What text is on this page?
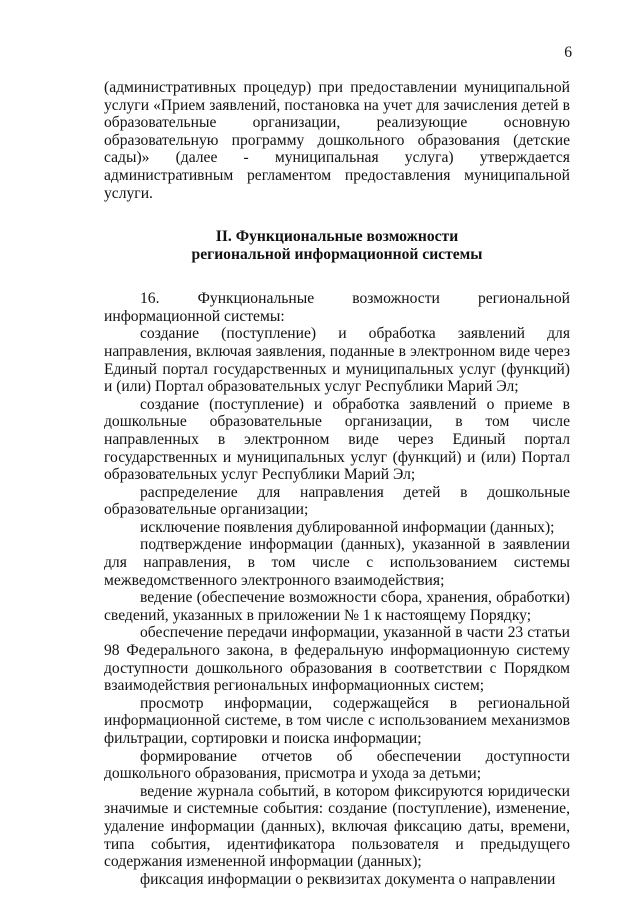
6

(административных процедур) при предоставлении муниципальной услуги «Прием заявлений, постановка на учет для зачисления детей в образовательные организации, реализующие основную образовательную программу дошкольного образования (детские сады)» (далее - муниципальная услуга) утверждается административным регламентом предоставления муниципальной услуги.

II. Функциональные возможности
региональной информационной системы

16. Функциональные возможности региональной информационной системы:

создание (поступление) и обработка заявлений для направления, включая заявления, поданные в электронном виде через Единый портал государственных и муниципальных услуг (функций) и (или) Портал образовательных услуг Республики Марий Эл;

создание (поступление) и обработка заявлений о приеме в дошкольные образовательные организации, в том числе направленных в электронном виде через Единый портал государственных и муниципальных услуг (функций) и (или) Портал образовательных услуг Республики Марий Эл;

распределение для направления детей в дошкольные образовательные организации;

исключение появления дублированной информации (данных);

подтверждение информации (данных), указанной в заявлении для направления, в том числе с использованием системы межведомственного электронного взаимодействия;

ведение (обеспечение возможности сбора, хранения, обработки) сведений, указанных в приложении № 1 к настоящему Порядку;

обеспечение передачи информации, указанной в части 23 статьи 98 Федерального закона, в федеральную информационную систему доступности дошкольного образования в соответствии с Порядком взаимодействия региональных информационных систем;

просмотр информации, содержащейся в региональной информационной системе, в том числе с использованием механизмов фильтрации, сортировки и поиска информации;

формирование отчетов об обеспечении доступности дошкольного образования, присмотра и ухода за детьми;

ведение журнала событий, в котором фиксируются юридически значимые и системные события: создание (поступление), изменение, удаление информации (данных), включая фиксацию даты, времени, типа события, идентификатора пользователя и предыдущего содержания измененной информации (данных);

фиксация информации о реквизитах документа о направлении
